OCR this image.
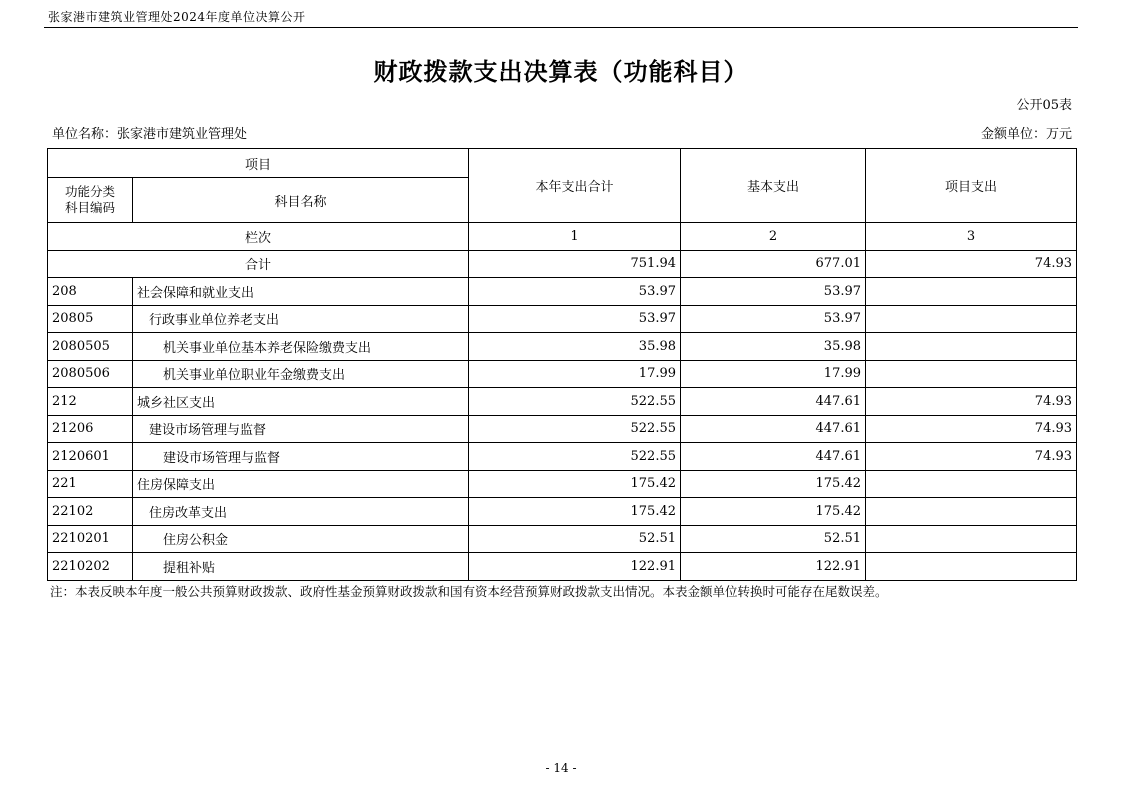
张家港市建筑业管理处2024年度单位决算公开
财政拨款支出决算表（功能科目）
公开05表
单位名称：张家港市建筑业管理处	金额单位：万元
项目		本年支出合计	基本支出	项目支出
功能分类
科目编码	科目名称			
栏次		1	2	3
合计		751.94	677.01	74.93
208	社会保障和就业支出	53.97	53.97	
20805	行政事业单位养老支出	53.97	53.97	
2080505	机关事业单位基本养老保险缴费支出	35.98	35.98	
2080506	机关事业单位职业年金缴费支出	17.99	17.99	
212	城乡社区支出	522.55	447.61	74.93
21206	建设市场管理与监督	522.55	447.61	74.93
2120601	建设市场管理与监督	522.55	447.61	74.93
221	住房保障支出	175.42	175.42	
22102	住房改革支出	175.42	175.42	
2210201	住房公积金	52.51	52.51	
2210202	提租补贴	122.91	122.91	
注：本表反映本年度一般公共预算财政拨款、政府性基金预算财政拨款和国有资本经营预算财政拨款支出情况。本表金额单位转换时可能存在尾数误差。
- 14 -
